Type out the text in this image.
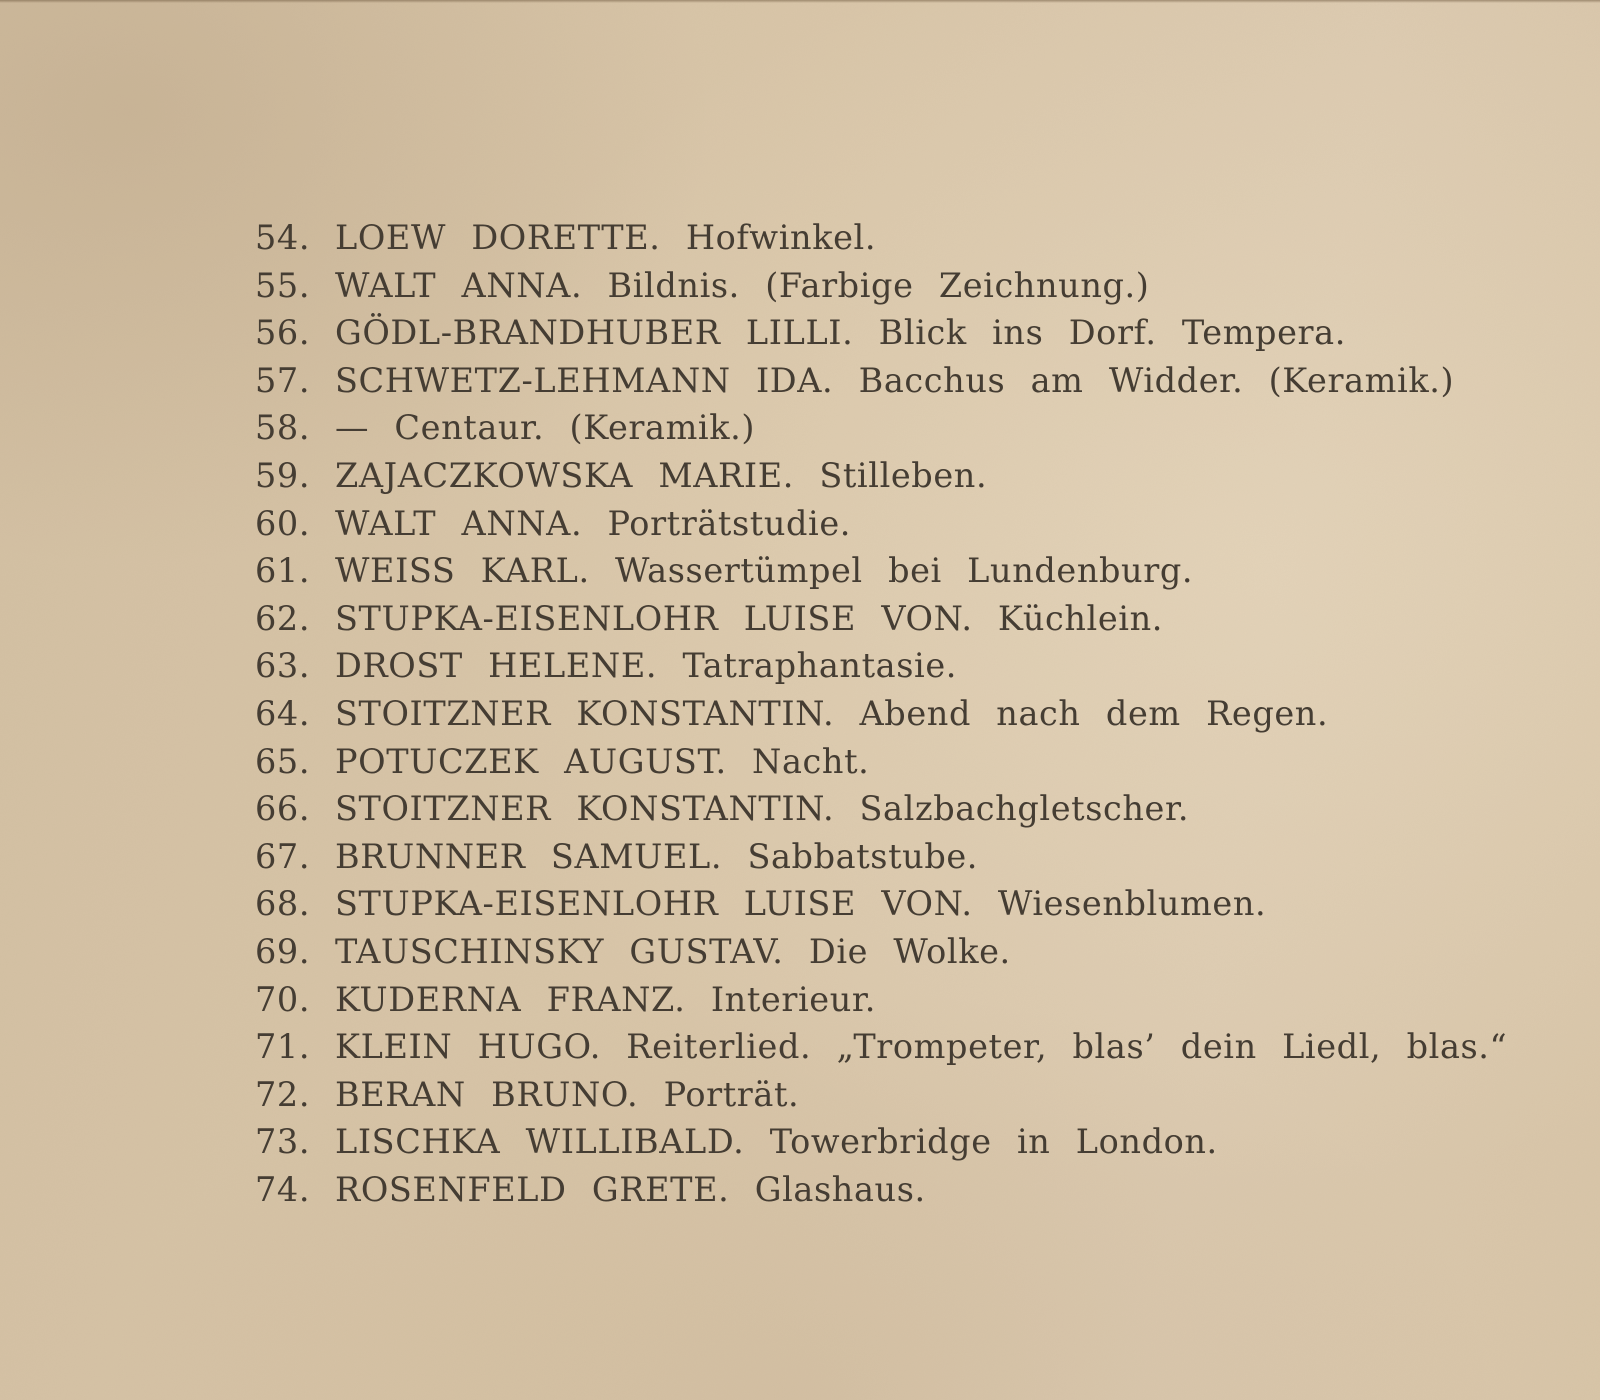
54. LOEW DORETTE. Hofwinkel.
55. WALT ANNA. Bildnis. (Farbige Zeichnung.)
56. GÖDL-BRANDHUBER LILLI. Blick ins Dorf. Tempera.
57. SCHWETZ-LEHMANN IDA. Bacchus am Widder. (Keramik.)
58. — Centaur. (Keramik.)
59. ZAJACZKOWSKA MARIE. Stilleben.
60. WALT ANNA. Porträtstudie.
61. WEISS KARL. Wassertümpel bei Lundenburg.
62. STUPKA-EISENLOHR LUISE VON. Küchlein.
63. DROST HELENE. Tatraphantasie.
64. STOITZNER KONSTANTIN. Abend nach dem Regen.
65. POTUCZEK AUGUST. Nacht.
66. STOITZNER KONSTANTIN. Salzbachgletscher.
67. BRUNNER SAMUEL. Sabbatstube.
68. STUPKA-EISENLOHR LUISE VON. Wiesenblumen.
69. TAUSCHINSKY GUSTAV. Die Wolke.
70. KUDERNA FRANZ. Interieur.
71. KLEIN HUGO. Reiterlied. „Trompeter, blas’ dein Liedl, blas.“
72. BERAN BRUNO. Porträt.
73. LISCHKA WILLIBALD. Towerbridge in London.
74. ROSENFELD GRETE. Glashaus.
